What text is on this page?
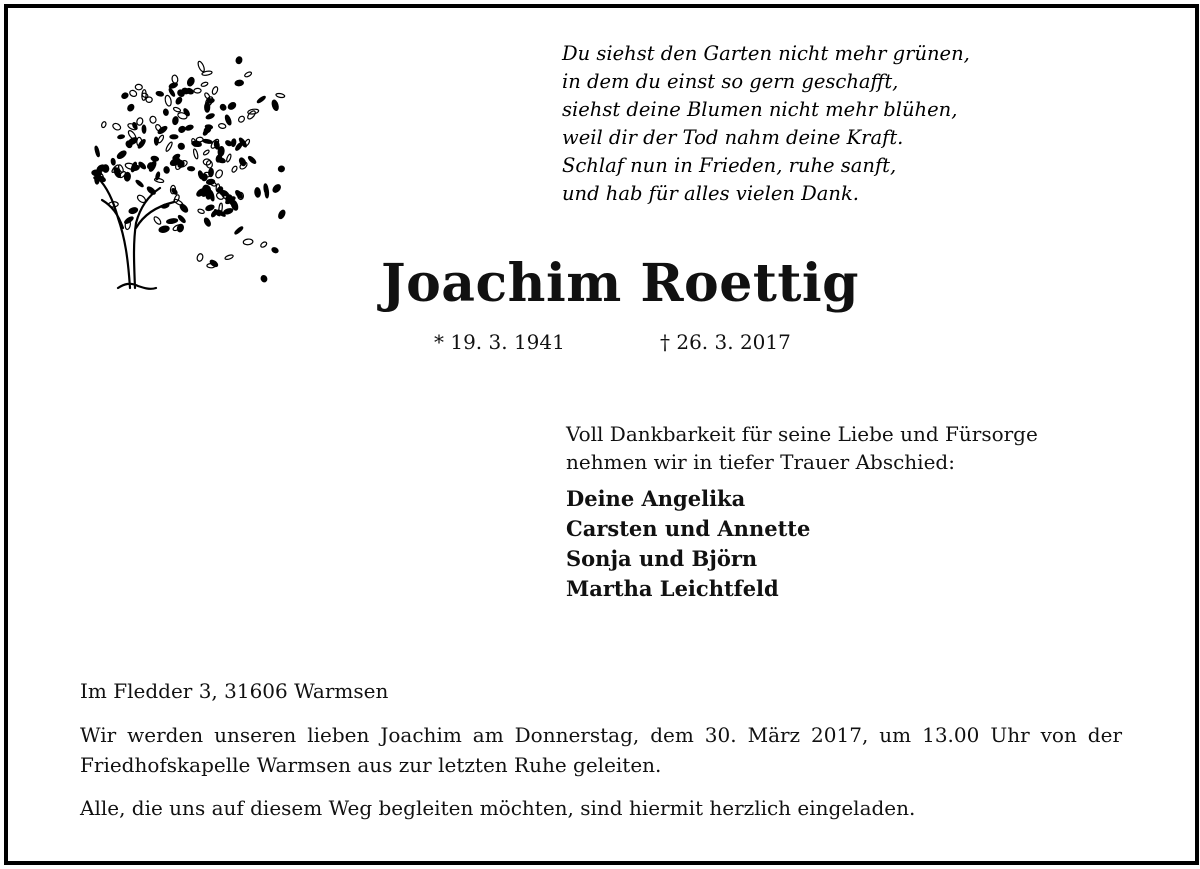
Du siehst den Garten nicht mehr grünen,
in dem du einst so gern geschafft,
siehst deine Blumen nicht mehr blühen,
weil dir der Tod nahm deine Kraft.
Schlaf nun in Frieden, ruhe sanft,
und hab für alles vielen Dank.
Joachim Roettig
* 19. 3. 1941	† 26. 3. 2017
Voll Dankbarkeit für seine Liebe und Fürsorge
nehmen wir in tiefer Trauer Abschied:
Deine Angelika
Carsten und Annette
Sonja und Björn
Martha Leichtfeld
Im Fledder 3, 31606 Warmsen
Wir werden unseren lieben Joachim am Donnerstag, dem 30. März 2017, um 13.00 Uhr von der Friedhofskapelle Warmsen aus zur letzten Ruhe geleiten.
Alle, die uns auf diesem Weg begleiten möchten, sind hiermit herzlich eingeladen.
